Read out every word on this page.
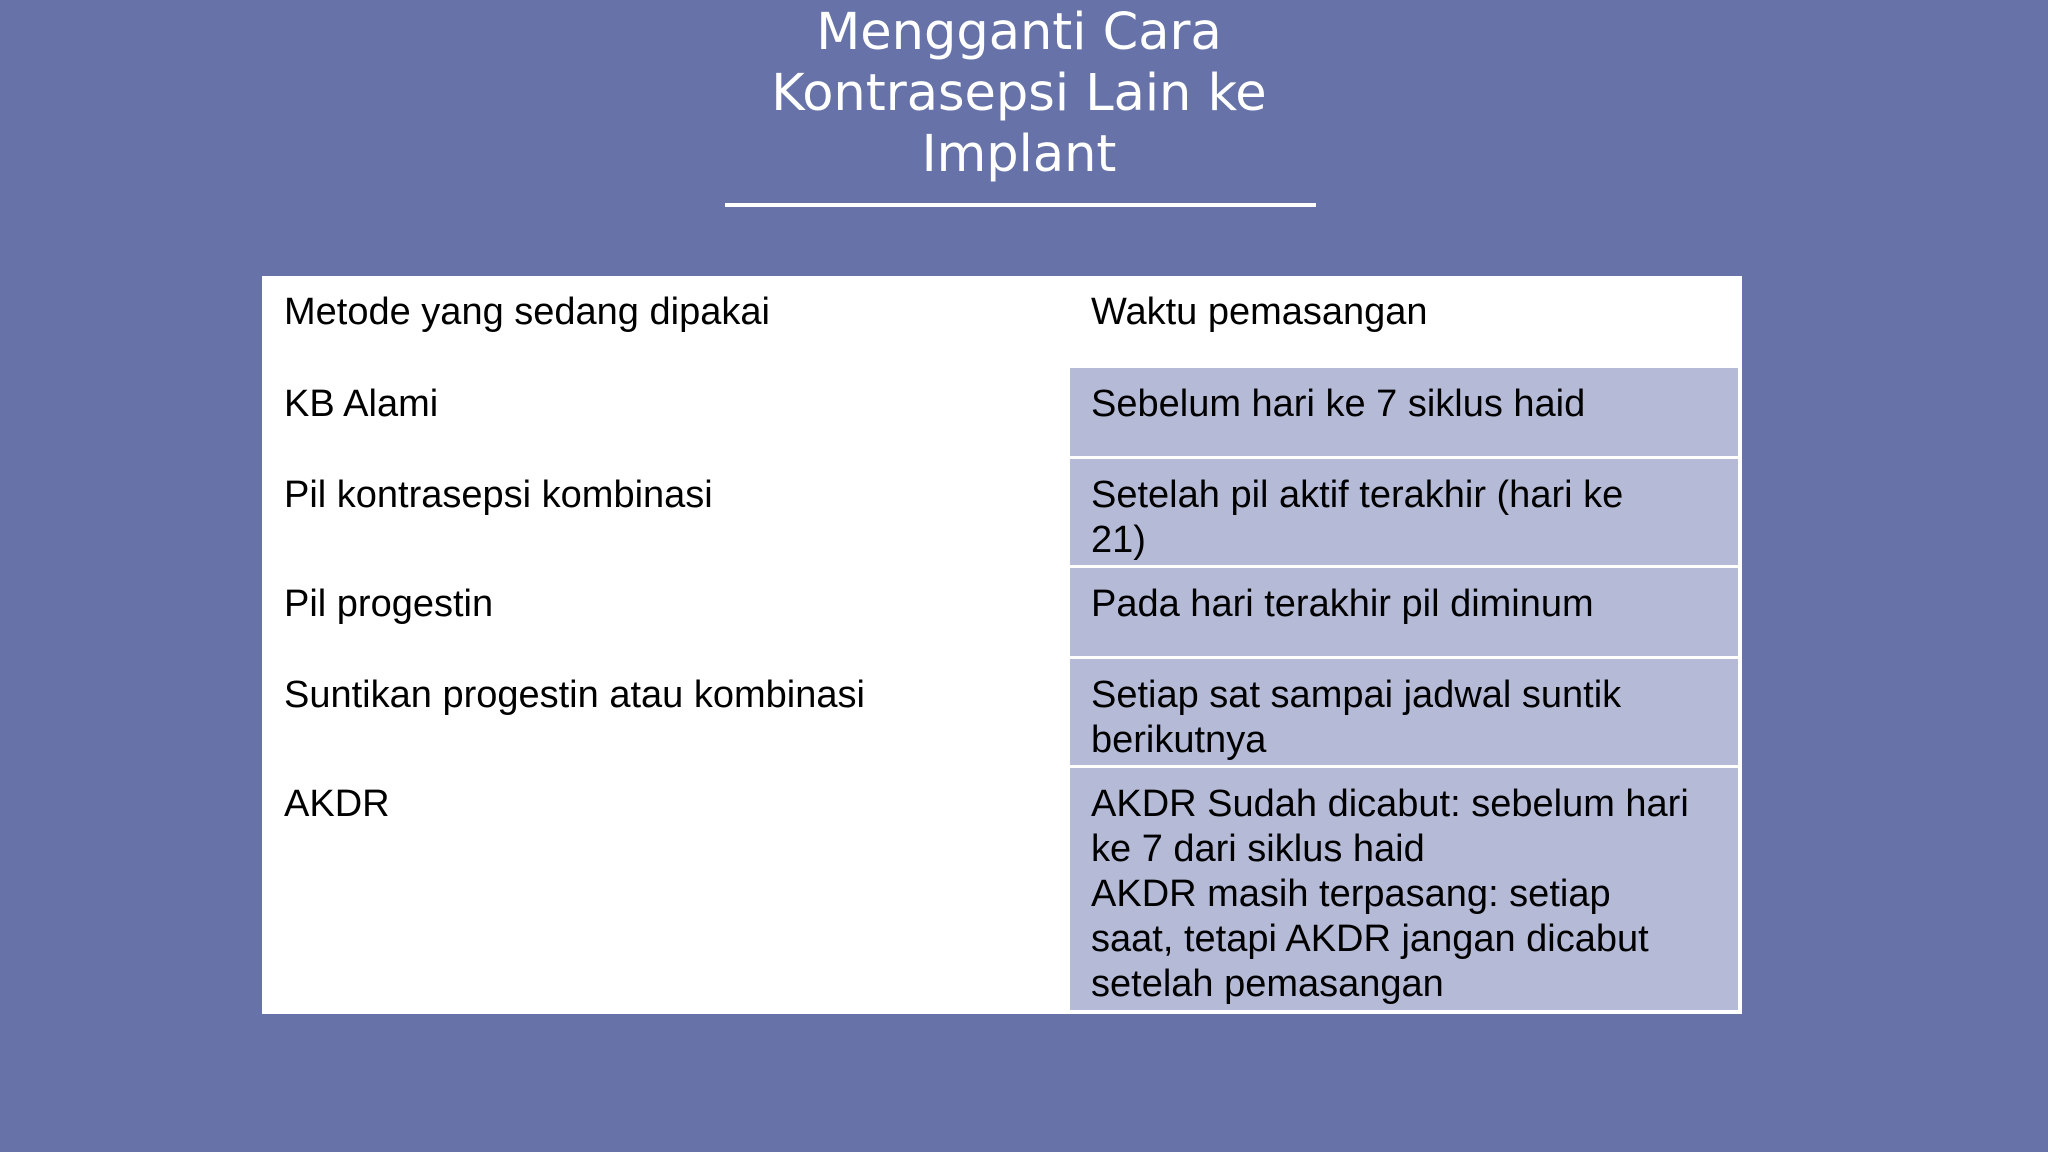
Mengganti Cara
Kontrasepsi Lain ke
Implant
Metode yang sedang dipakai	Waktu pemasangan
KB Alami	Sebelum hari ke 7 siklus haid
Pil kontrasepsi kombinasi	Setelah pil aktif terakhir (hari ke
21)
Pil progestin	Pada hari terakhir pil diminum
Suntikan progestin atau kombinasi	Setiap sat sampai jadwal suntik
berikutnya
AKDR	AKDR Sudah dicabut: sebelum hari
ke 7 dari siklus haid
AKDR masih terpasang: setiap
saat, tetapi AKDR jangan dicabut
setelah pemasangan
